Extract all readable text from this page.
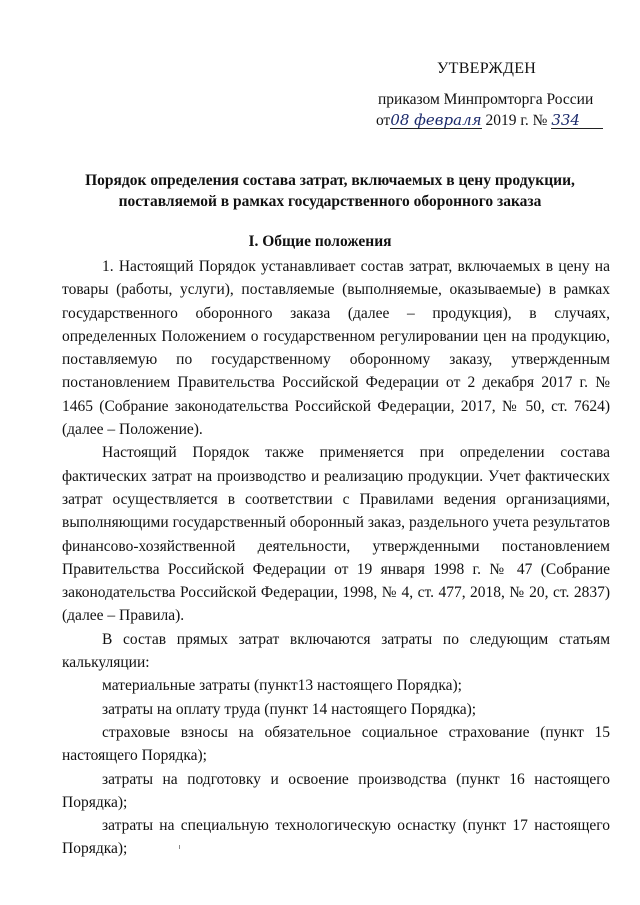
УТВЕРЖДЕН
приказом Минпромторга России
от08 февраля 2019 г. № 334
Порядок определения состава затрат, включаемых в цену продукции,
поставляемой в рамках государственного оборонного заказа
I. Общие положения

1. Настоящий Порядок устанавливает состав затрат, включаемых в цену на товары (работы, услуги), поставляемые (выполняемые, оказываемые) в рамках государственного оборонного заказа (далее – продукция), в случаях, определенных Положением о государственном регулировании цен на продукцию, поставляемую по государственному оборонному заказу, утвержденным постановлением Правительства Российской Федерации от 2 декабря 2017 г. № 1465 (Собрание законодательства Российской Федерации, 2017, № 50, ст. 7624) (далее – Положение).

Настоящий Порядок также применяется при определении состава фактических затрат на производство и реализацию продукции. Учет фактических затрат осуществляется в соответствии с Правилами ведения организациями, выполняющими государственный оборонный заказ, раздельного учета результатов финансово-хозяйственной деятельности, утвержденными постановлением Правительства Российской Федерации от 19 января 1998 г. № 47 (Собрание законодательства Российской Федерации, 1998, № 4, ст. 477, 2018, № 20, ст. 2837) (далее – Правила).

В состав прямых затрат включаются затраты по следующим статьям калькуляции:

материальные затраты (пункт13 настоящего Порядка);

затраты на оплату труда (пункт 14 настоящего Порядка);

страховые взносы на обязательное социальное страхование (пункт 15 настоящего Порядка);

затраты на подготовку и освоение производства (пункт 16 настоящего Порядка);

затраты на специальную технологическую оснастку (пункт 17 настоящего Порядка);
